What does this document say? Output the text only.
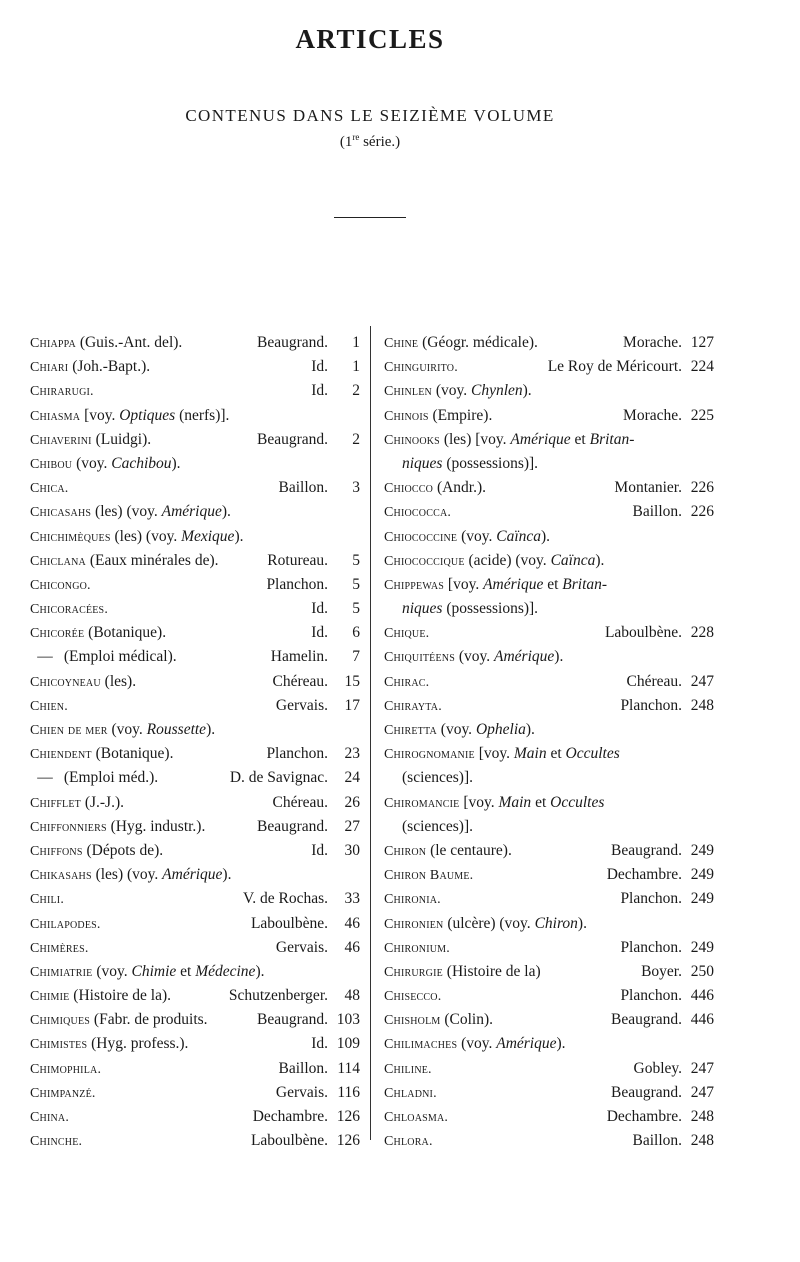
ARTICLES
CONTENUS DANS LE SEIZIÈME VOLUME
(1re série.)
Chiappa (Guis.-Ant. del).	Beaugrand.	1
Chiari (Joh.-Bapt.).	Id.	1
Chirarugi.	Id.	2
Chiasma [voy. Optiques (nerfs)].
Chiaverini (Luidgi).	Beaugrand.	2
Chibou (voy. Cachibou).
Chica.	Baillon.	3
Chicasahs (les) (voy. Amérique).
Chichimèques (les) (voy. Mexique).
Chiclana (Eaux minérales de).	Rotureau.	5
Chicongo.	Planchon.	5
Chicoracées.	Id.	5
Chicorée (Botanique).	Id.	6
— (Emploi médical).	Hamelin.	7
Chicoyneau (les).	Chéreau.	15
Chien.	Gervais.	17
Chien de mer (voy. Roussette).
Chiendent (Botanique).	Planchon.	23
— (Emploi méd.).	D. de Savignac.	24
Chifflet (J.-J.).	Chéreau.	26
Chiffonniers (Hyg. industr.).	Beaugrand.	27
Chiffons (Dépots de).	Id.	30
Chikasahs (les) (voy. Amérique).
Chili.	V. de Rochas.	33
Chilapodes.	Laboulbène.	46
Chimères.	Gervais.	46
Chimiatrie (voy. Chimie et Médecine).
Chimie (Histoire de la).	Schutzenberger.	48
Chimiques (Fabr. de produits.	Beaugrand. 103
Chimistes (Hyg. profess.).	Id. 109
Chimophila.	Baillon. 114
Chimpanzé.	Gervais. 116
China.	Dechambre. 126
Chinche.	Laboulbène. 126
Chine (Géogr. médicale).	Morache. 127
Chinguirito.	Le Roy de Méricourt. 224
Chinlen (voy. Chynlen).
Chinois (Empire).	Morache. 225
Chinooks (les) [voy. Amérique et Britan-
niques (possessions)].
Chiocco (Andr.).	Montanier. 226
Chiococca.	Baillon. 226
Chiococcine (voy. Caïnca).
Chiococcique (acide) (voy. Caïnca).
Chippewas [voy. Amérique et Britan-
niques (possessions)].
Chique.	Laboulbène. 228
Chiquitéens (voy. Amérique).
Chirac.	Chéreau. 247
Chirayta.	Planchon. 248
Chiretta (voy. Ophelia).
Chirognomanie [voy. Main et Occultes
(sciences)].
Chiromancie [voy. Main et Occultes
(sciences)].
Chiron (le centaure).	Beaugrand. 249
Chiron Baume.	Dechambre. 249
Chironia.	Planchon. 249
Chironien (ulcère) (voy. Chiron).
Chironium.	Planchon. 249
Chirurgie (Histoire de la)	Boyer. 250
Chisecco.	Planchon. 446
Chisholm (Colin).	Beaugrand. 446
Chilimaches (voy. Amérique).
Chiline.	Gobley. 247
Chladni.	Beaugrand. 247
Chloasma.	Dechambre. 248
Chlora.	Baillon. 248
